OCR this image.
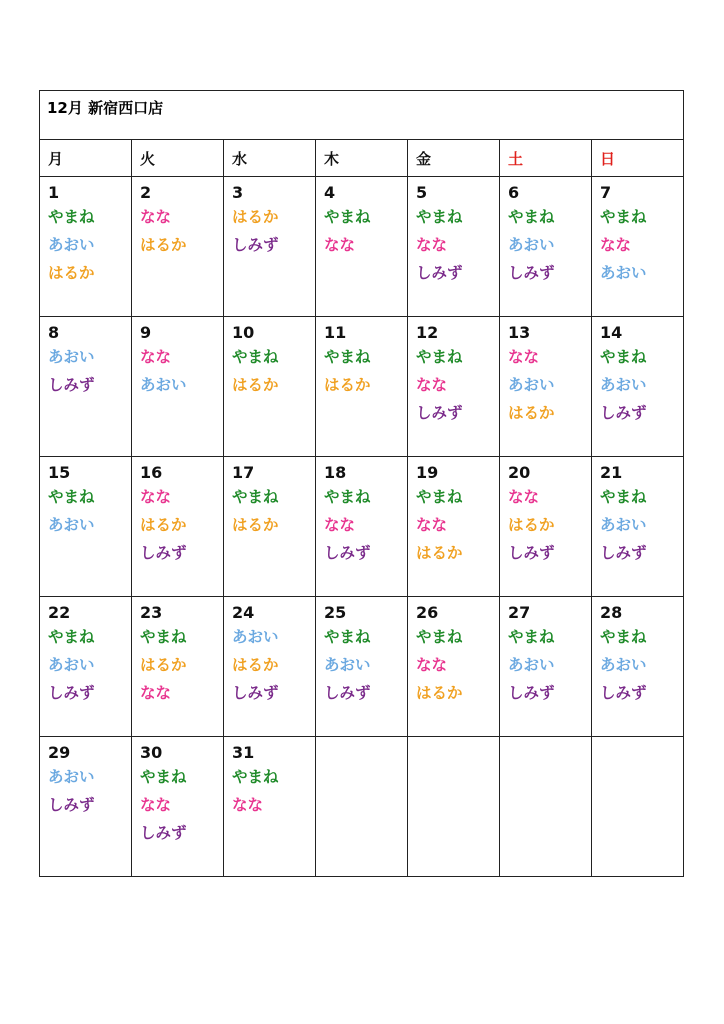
12月 新宿西口店						

月	火	水	木	金	土	日

1
やまね
あおい
はるか	2
なな
はるか	3
はるか
しみず	4
やまね
なな	5
やまね
なな
しみず	6
やまね
あおい
しみず	7
やまね
なな
あおい

8
あおい
しみず	9
なな
あおい	10
やまね
はるか	11
やまね
はるか	12
やまね
なな
しみず	13
なな
あおい
はるか	14
やまね
あおい
しみず

15
やまね
あおい	16
なな
はるか
しみず	17
やまね
はるか	18
やまね
なな
しみず	19
やまね
なな
はるか	20
なな
はるか
しみず	21
やまね
あおい
しみず

22
やまね
あおい
しみず	23
やまね
はるか
なな	24
あおい
はるか
しみず	25
やまね
あおい
しみず	26
やまね
なな
はるか	27
やまね
あおい
しみず	28
やまね
あおい
しみず

29
あおい
しみず	30
やまね
なな
しみず	31
やまね
なな				
